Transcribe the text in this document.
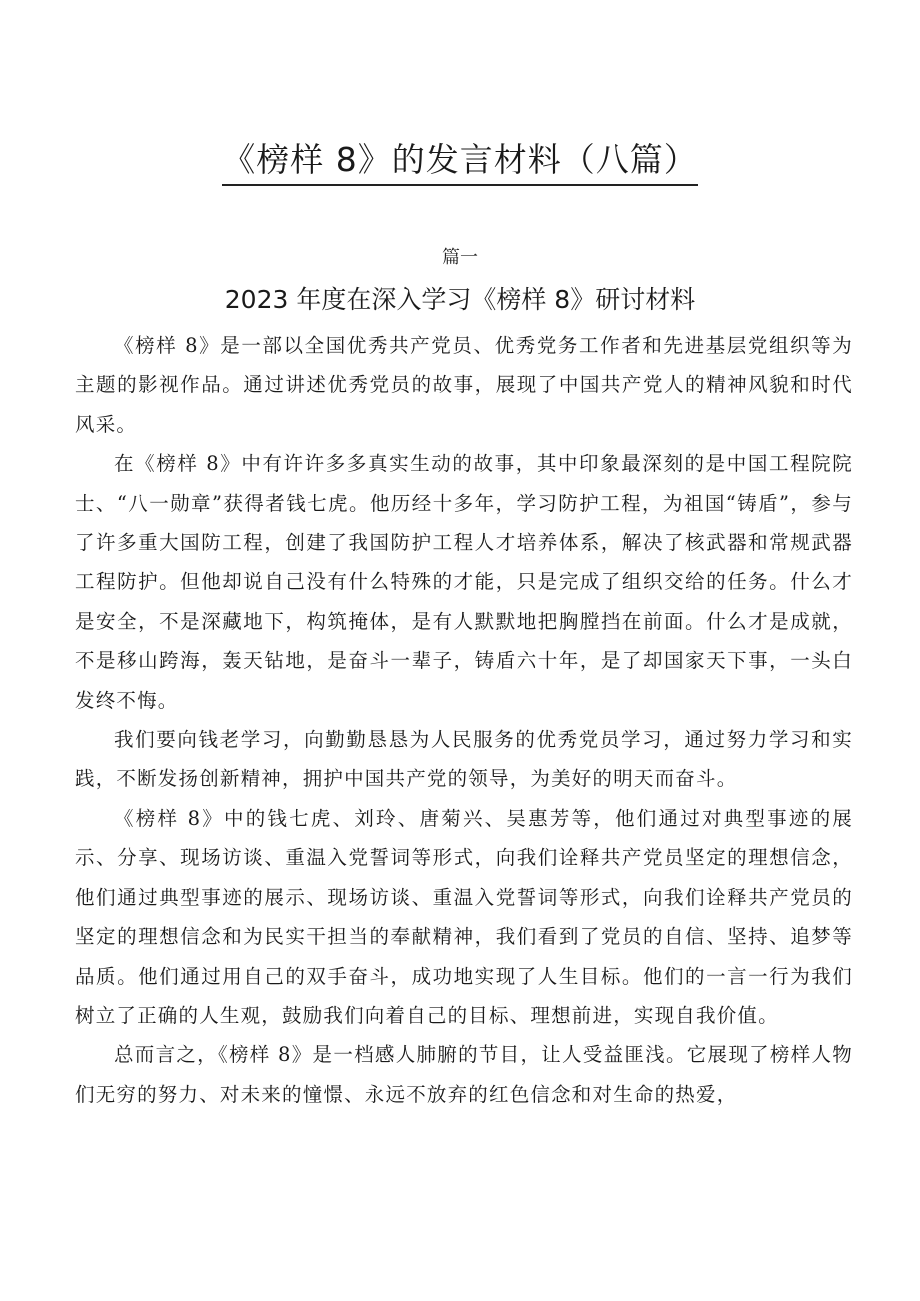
《榜样 8》的发言材料（八篇）
篇一
2023 年度在深入学习《榜样 8》研讨材料

《榜样 8》是一部以全国优秀共产党员、优秀党务工作者和先进基层党组织等为主题的影视作品。通过讲述优秀党员的故事，展现了中国共产党人的精神风貌和时代风采。

在《榜样 8》中有许许多多真实生动的故事，其中印象最深刻的是中国工程院院士、“八一勋章”获得者钱七虎。他历经十多年，学习防护工程，为祖国“铸盾”，参与了许多重大国防工程，创建了我国防护工程人才培养体系，解决了核武器和常规武器工程防护。但他却说自己没有什么特殊的才能，只是完成了组织交给的任务。什么才是安全，不是深藏地下，构筑掩体，是有人默默地把胸膛挡在前面。什么才是成就，不是移山跨海，轰天钻地，是奋斗一辈子，铸盾六十年，是了却国家天下事，一头白发终不悔。

我们要向钱老学习，向勤勤恳恳为人民服务的优秀党员学习，通过努力学习和实践，不断发扬创新精神，拥护中国共产党的领导，为美好的明天而奋斗。

《榜样 8》中的钱七虎、刘玲、唐菊兴、吴惠芳等，他们通过对典型事迹的展示、分享、现场访谈、重温入党誓词等形式，向我们诠释共产党员坚定的理想信念，他们通过典型事迹的展示、现场访谈、重温入党誓词等形式，向我们诠释共产党员的坚定的理想信念和为民实干担当的奉献精神，我们看到了党员的自信、坚持、追梦等品质。他们通过用自己的双手奋斗，成功地实现了人生目标。他们的一言一行为我们树立了正确的人生观，鼓励我们向着自己的目标、理想前进，实现自我价值。

总而言之，《榜样 8》是一档感人肺腑的节目，让人受益匪浅。它展现了榜样人物们无穷的努力、对未来的憧憬、永远不放弃的红色信念和对生命的热爱，
